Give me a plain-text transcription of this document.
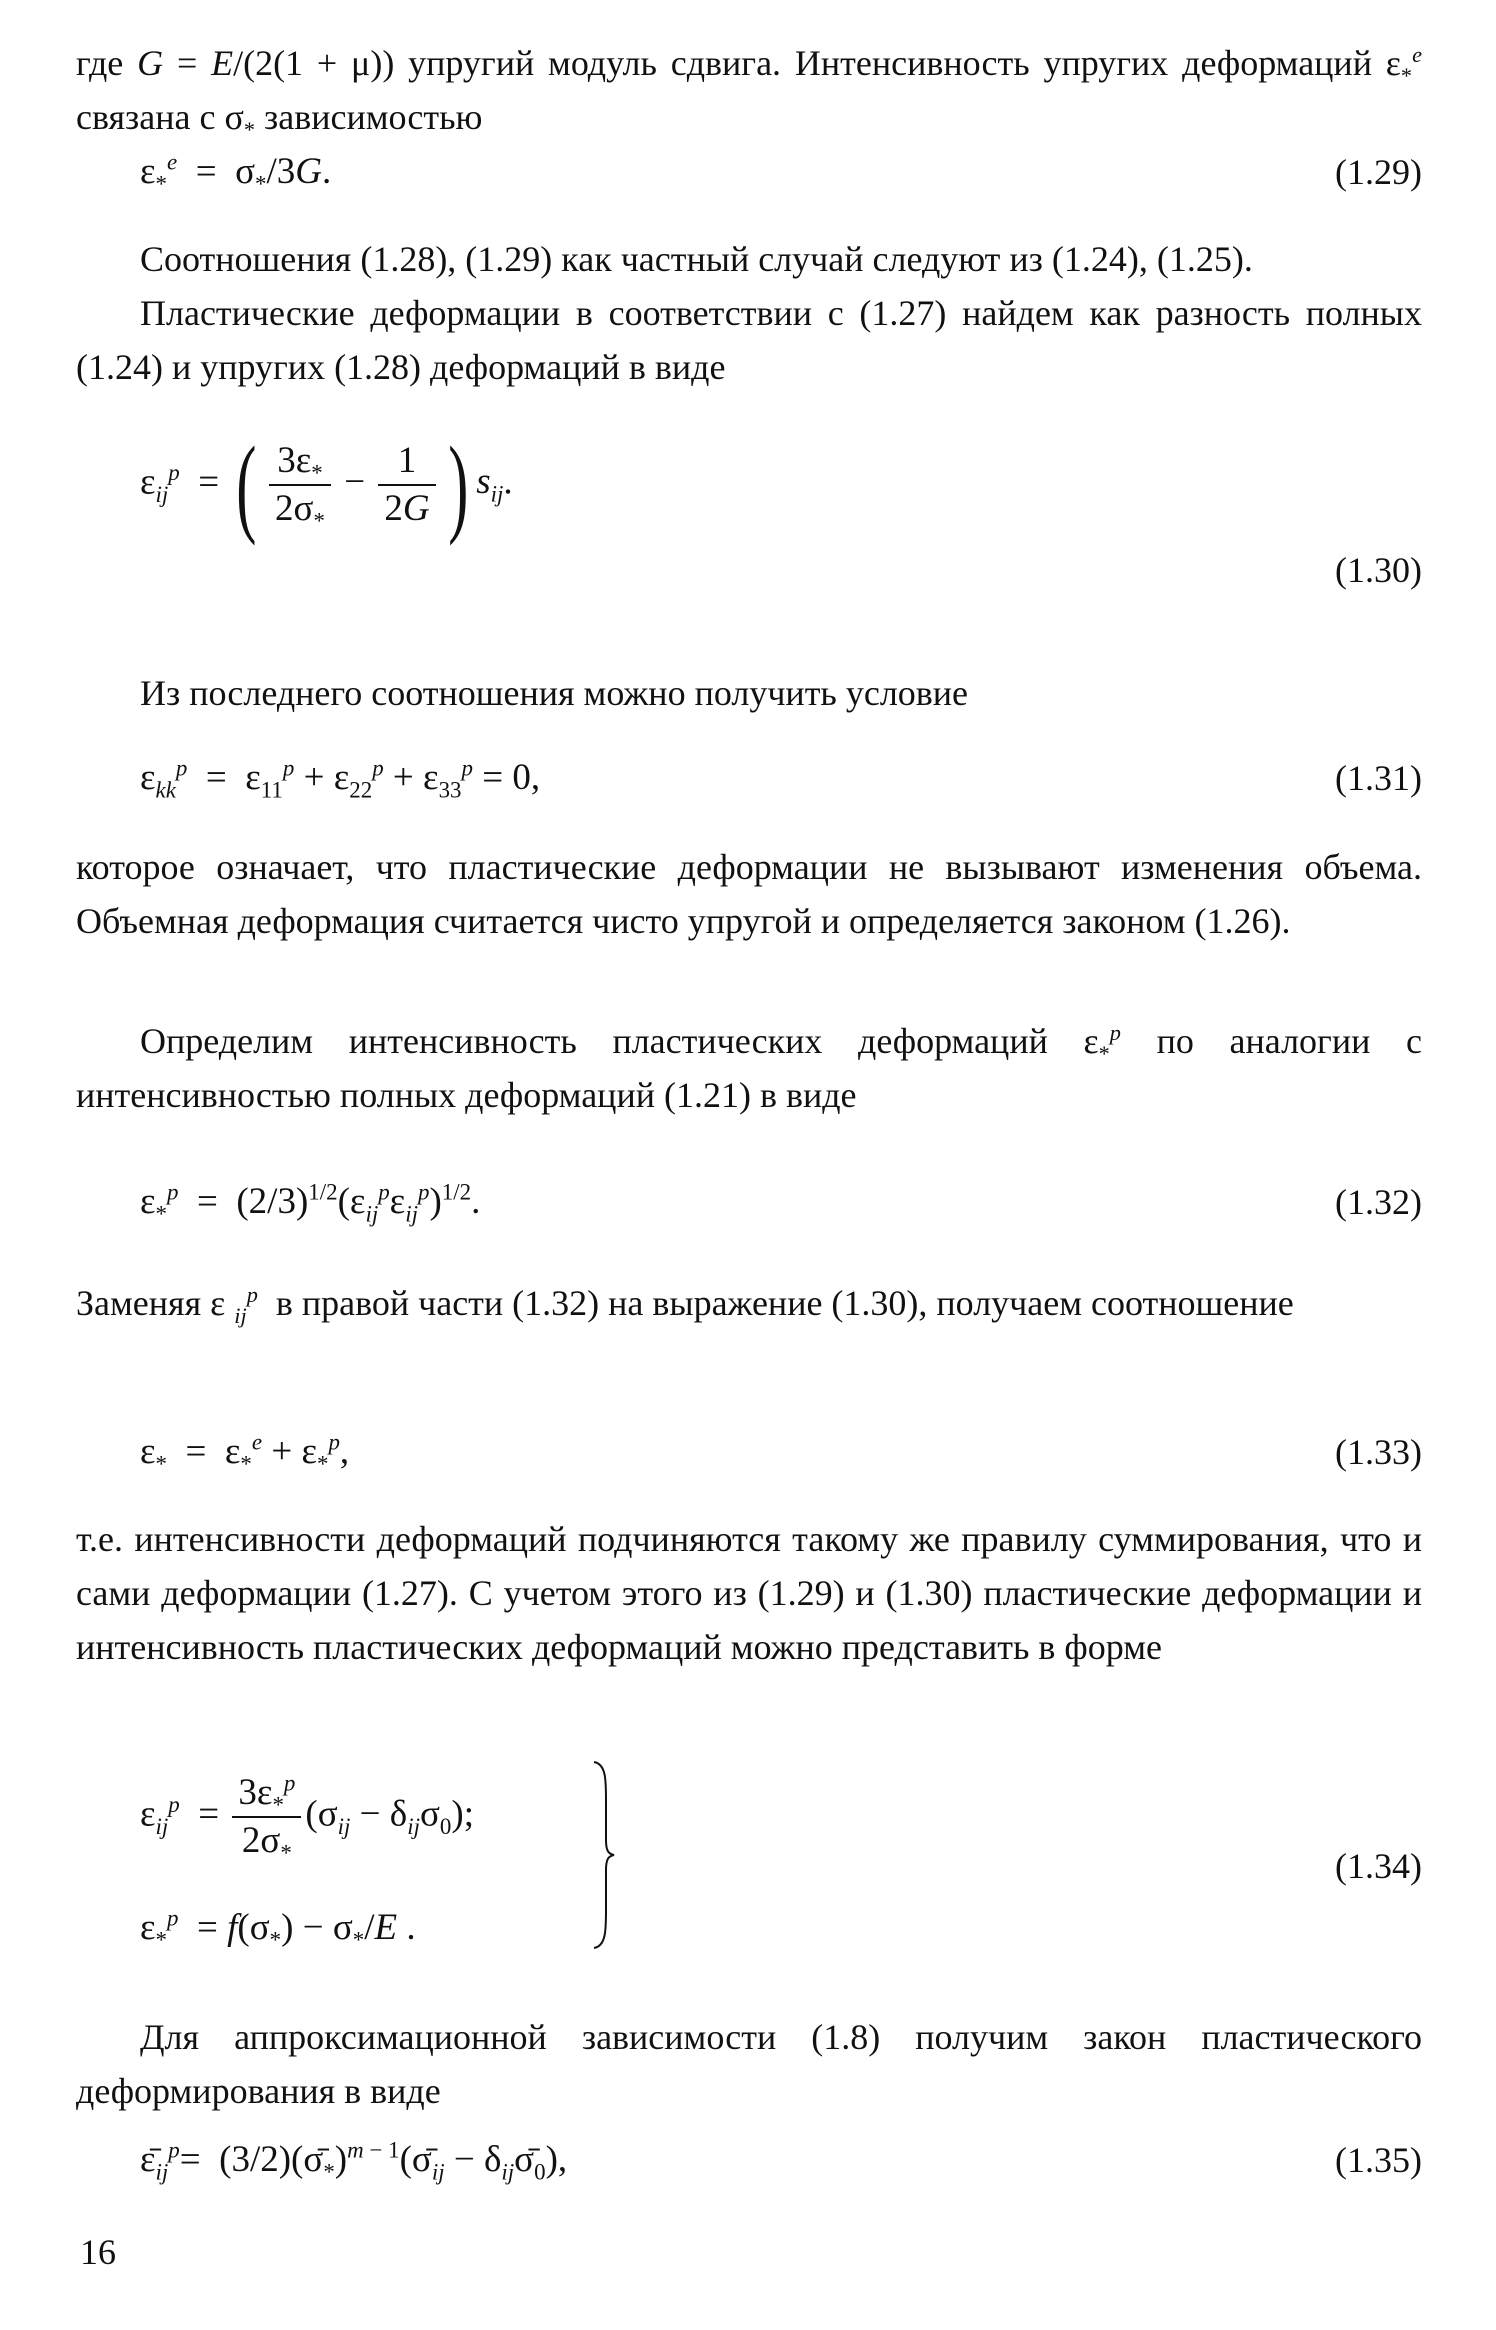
где G = E/(2(1 + μ)) упругий модуль сдвига. Интенсивность упругих деформаций $\varepsilon_*^e$ связана с $\sigma_*$ зависимостью
$\varepsilon_*^e = \sigma_*/3G$.	(1.29)
Соотношения (1.28), (1.29) как частный случай следуют из (1.24), (1.25).
Пластические деформации в соответствии с (1.27) найдем как разность полных (1.24) и упругих (1.28) деформаций в виде
$\varepsilon_{ij}^p$  = ( $\frac{3\varepsilon_*}{2\sigma_*} - \frac{1}{2G}$ ) $s_{ij}$.
(1.30)
Из последнего соотношения можно получить условие
$\varepsilon_{kk}^p = \varepsilon_{11}^p + \varepsilon_{22}^p + \varepsilon_{33}^p = 0$,	(1.31)
которое означает, что пластические деформации не вызывают изменения объема. Объемная деформация считается чисто упругой и определяется законом (1.26).
Определим интенсивность пластических деформаций $\varepsilon_*^p$ по аналогии с интенсивностью полных деформаций (1.21) в виде
$\varepsilon_*^p = (2/3)^{1/2}(\varepsilon_{ij}^p\varepsilon_{ij}^p)^{1/2}$.	(1.32)
Заменяя ε $_{ij}^p$  в правой части (1.32) на выражение (1.30), получаем соотношение
$\varepsilon_* = \varepsilon_*^e + \varepsilon_*^p$,	(1.33)
т.е. интенсивности деформаций подчиняются такому же правилу суммирования, что и сами деформации (1.27). С учетом этого из (1.29) и (1.30) пластические деформации и интенсивность пластических деформаций можно представить в форме
$\varepsilon_{ij}^p = \frac{3\varepsilon_*^p}{2\sigma_*} (\sigma_{ij} - \delta_{ij}\sigma_0)$;
$\varepsilon_*^p = f(\sigma_*) - \sigma_*/E$ .
(1.34)
Для аппроксимационной зависимости (1.8) получим закон пластического деформирования в виде
$\varepsilon̄_{ij}^p=$  $(3/2)(\sigmā_*)^{m - 1}(\sigmā_{ij}$ − $\delta_{ij}\sigmā_0$),	(1.35)
16
